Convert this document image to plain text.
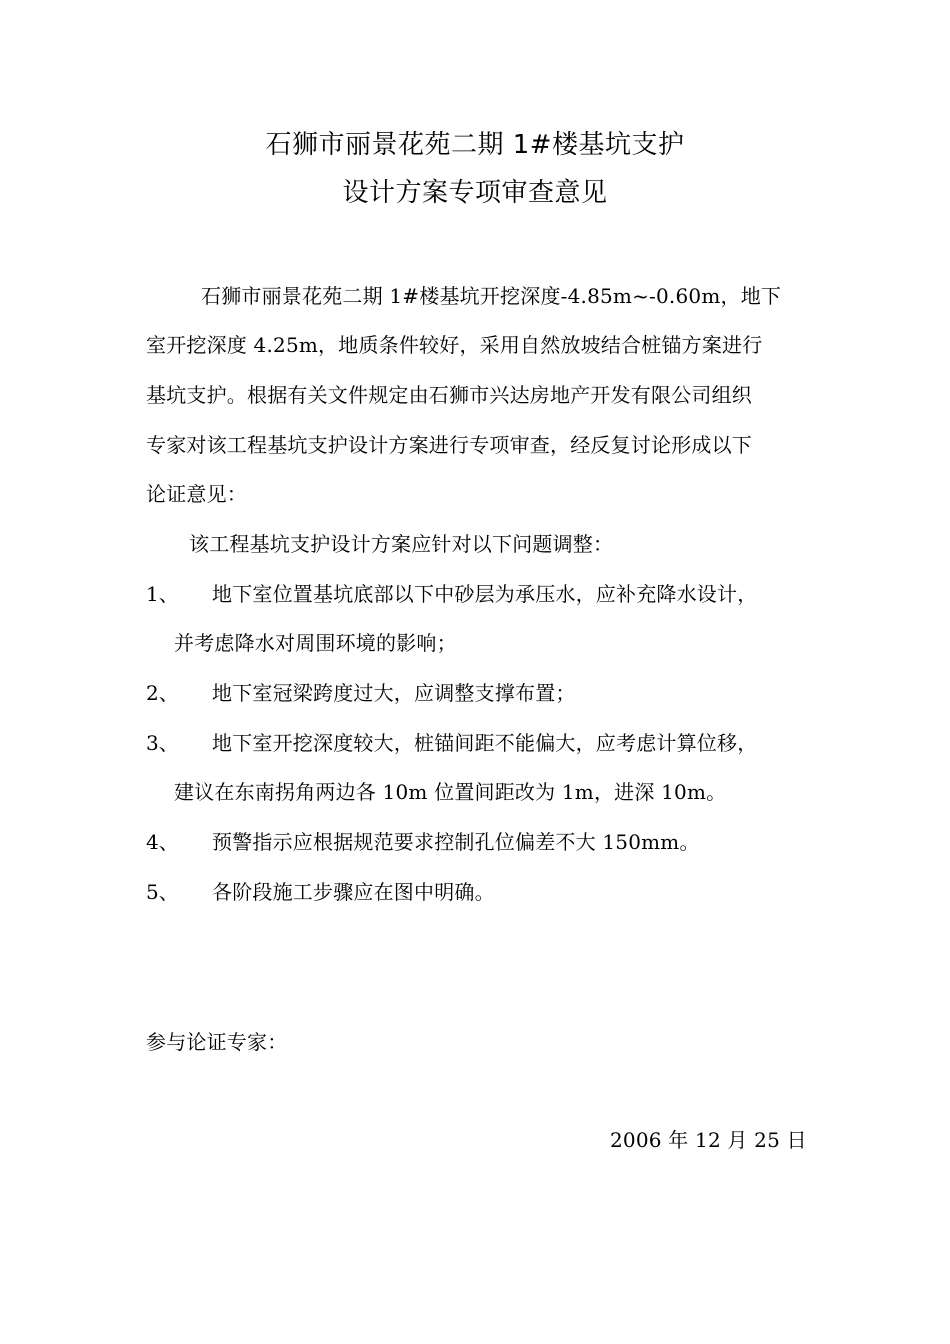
石狮市丽景花苑二期 1#楼基坑支护
设计方案专项审查意见
石狮市丽景花苑二期 1#楼基坑开挖深度-4.85m~-0.60m，地下
室开挖深度 4.25m，地质条件较好，采用自然放坡结合桩锚方案进行
基坑支护。根据有关文件规定由石狮市兴达房地产开发有限公司组织
专家对该工程基坑支护设计方案进行专项审查，经反复讨论形成以下
论证意见：
该工程基坑支护设计方案应针对以下问题调整：
1、 地下室位置基坑底部以下中砂层为承压水，应补充降水设计，
并考虑降水对周围环境的影响；
2、 地下室冠梁跨度过大，应调整支撑布置；
3、 地下室开挖深度较大，桩锚间距不能偏大，应考虑计算位移，
建议在东南拐角两边各 10m 位置间距改为 1m，进深 10m。
4、 预警指示应根据规范要求控制孔位偏差不大 150mm。
5、 各阶段施工步骤应在图中明确。
参与论证专家：
2006 年 12 月 25 日
